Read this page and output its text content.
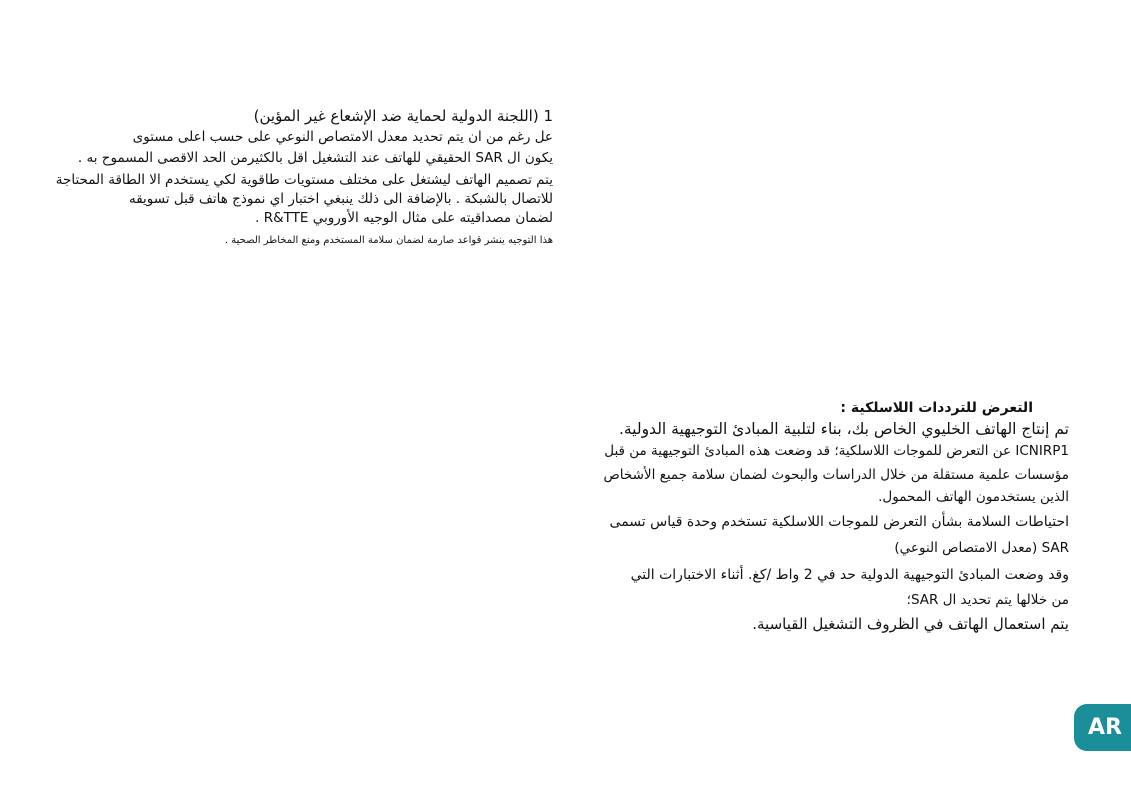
1 (اللجنة الدولية لحماية ضد الإشعاع غير المؤين)
عل رغم من ان يتم تحديد معدل الامتصاص النوعي على حسب اعلى مستوى
يكون ال SAR الحقيقي للهاتف عند التشغيل اقل بالكثيرمن الحد الاقصى المسموح به .
يتم تصميم الهاتف ليشتغل على مختلف مستويات طاقوية لكي يستخدم الا الطاقة المحتاجة
للاتصال بالشبكة . بالإضافة الى ذلك ينبغي اختبار اي نموذج هاتف قبل تسويقه
لضمان مصداقيته على مثال الوجيه الأوروبي R&TTE .
هذا التوجيه ينشر قواعد صارمة لضمان سلامة المستخدم ومنع المخاطر الصحية .
التعرض للترددات اللاسلكية :
تم إنتاج الهاتف الخليوي الخاص بك، بناء لتلبية المبادئ التوجيهية الدولية.
ICNIRP1 عن التعرض للموجات اللاسلكية؛ قد وضعت هذه المبادئ التوجيهية من قبل
مؤسسات علمية مستقلة من خلال الدراسات والبحوث لضمان سلامة جميع الأشخاص
الذين يستخدمون الهاتف المحمول.
احتياطات السلامة بشأن التعرض للموجات اللاسلكية تستخدم وحدة قياس تسمى
SAR (معدل الامتصاص النوعي)
وقد وضعت المبادئ التوجيهية الدولية حد في 2 واط /كغ. أثناء الاختبارات التي
من خلالها يتم تحديد ال SAR؛
يتم استعمال الهاتف في الظروف التشغيل القياسية.
AR
